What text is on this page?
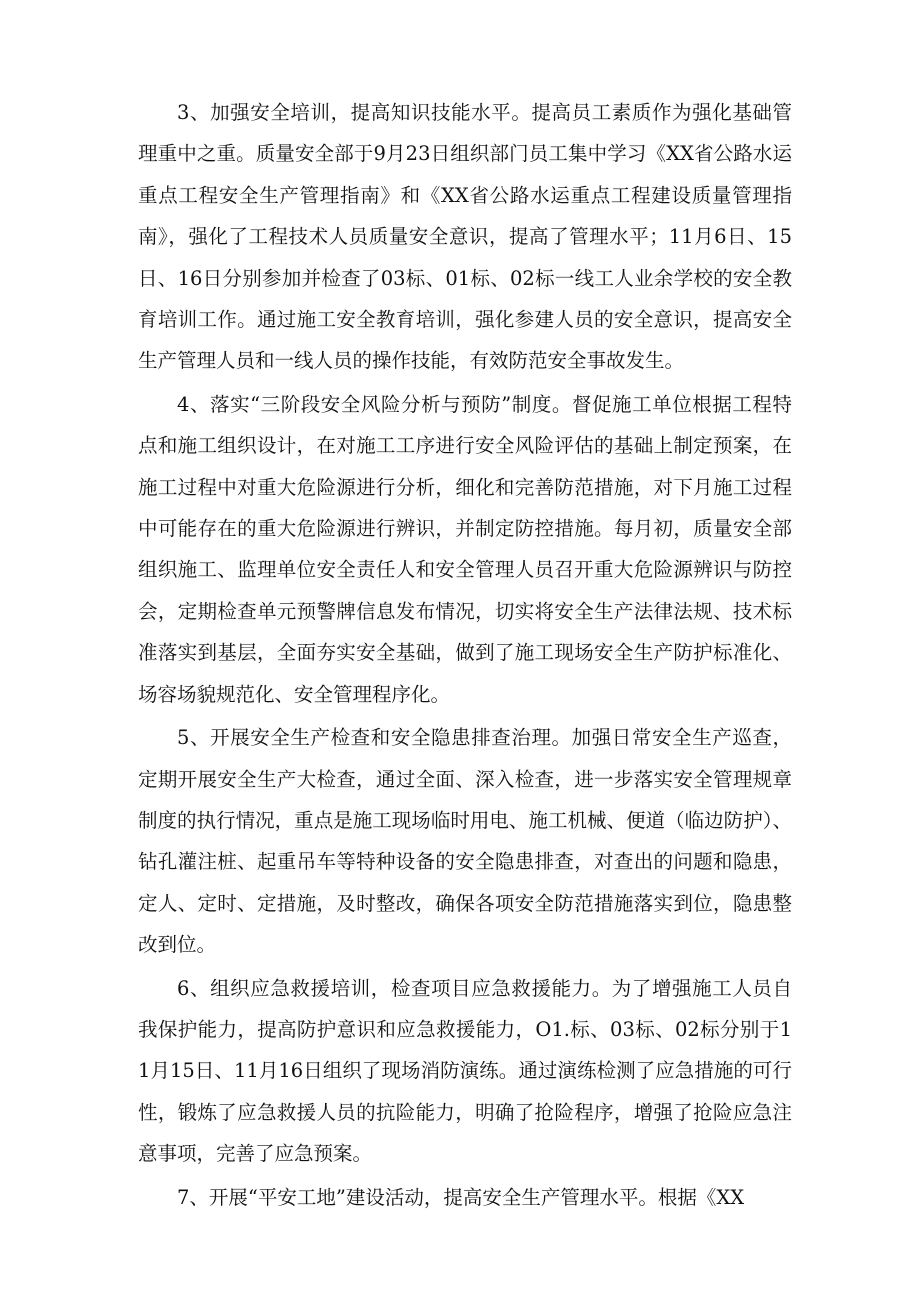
3、加强安全培训，提高知识技能水平。提高员工素质作为强化基础管理重中之重。质量安全部于9月23日组织部门员工集中学习《XX省公路水运重点工程安全生产管理指南》和《XX省公路水运重点工程建设质量管理指南》，强化了工程技术人员质量安全意识，提高了管理水平；11月6日、15日、16日分别参加并检查了03标、01标、02标一线工人业余学校的安全教育培训工作。通过施工安全教育培训，强化参建人员的安全意识，提高安全生产管理人员和一线人员的操作技能，有效防范安全事故发生。

4、落实“三阶段安全风险分析与预防”制度。督促施工单位根据工程特点和施工组织设计，在对施工工序进行安全风险评估的基础上制定预案，在施工过程中对重大危险源进行分析，细化和完善防范措施，对下月施工过程中可能存在的重大危险源进行辨识，并制定防控措施。每月初，质量安全部组织施工、监理单位安全责任人和安全管理人员召开重大危险源辨识与防控会，定期检查单元预警牌信息发布情况，切实将安全生产法律法规、技术标准落实到基层，全面夯实安全基础，做到了施工现场安全生产防护标准化、场容场貌规范化、安全管理程序化。

5、开展安全生产检查和安全隐患排查治理。加强日常安全生产巡查，定期开展安全生产大检查，通过全面、深入检查，进一步落实安全管理规章制度的执行情况，重点是施工现场临时用电、施工机械、便道（临边防护）、钻孔灌注桩、起重吊车等特种设备的安全隐患排查，对查出的问题和隐患，定人、定时、定措施，及时整改，确保各项安全防范措施落实到位，隐患整改到位。

6、组织应急救援培训，检查项目应急救援能力。为了增强施工人员自我保护能力，提高防护意识和应急救援能力，O1.标、03标、02标分别于11月15日、11月16日组织了现场消防演练。通过演练检测了应急措施的可行性，锻炼了应急救援人员的抗险能力，明确了抢险程序，增强了抢险应急注意事项，完善了应急预案。

7、开展“平安工地”建设活动，提高安全生产管理水平。根据《XX
